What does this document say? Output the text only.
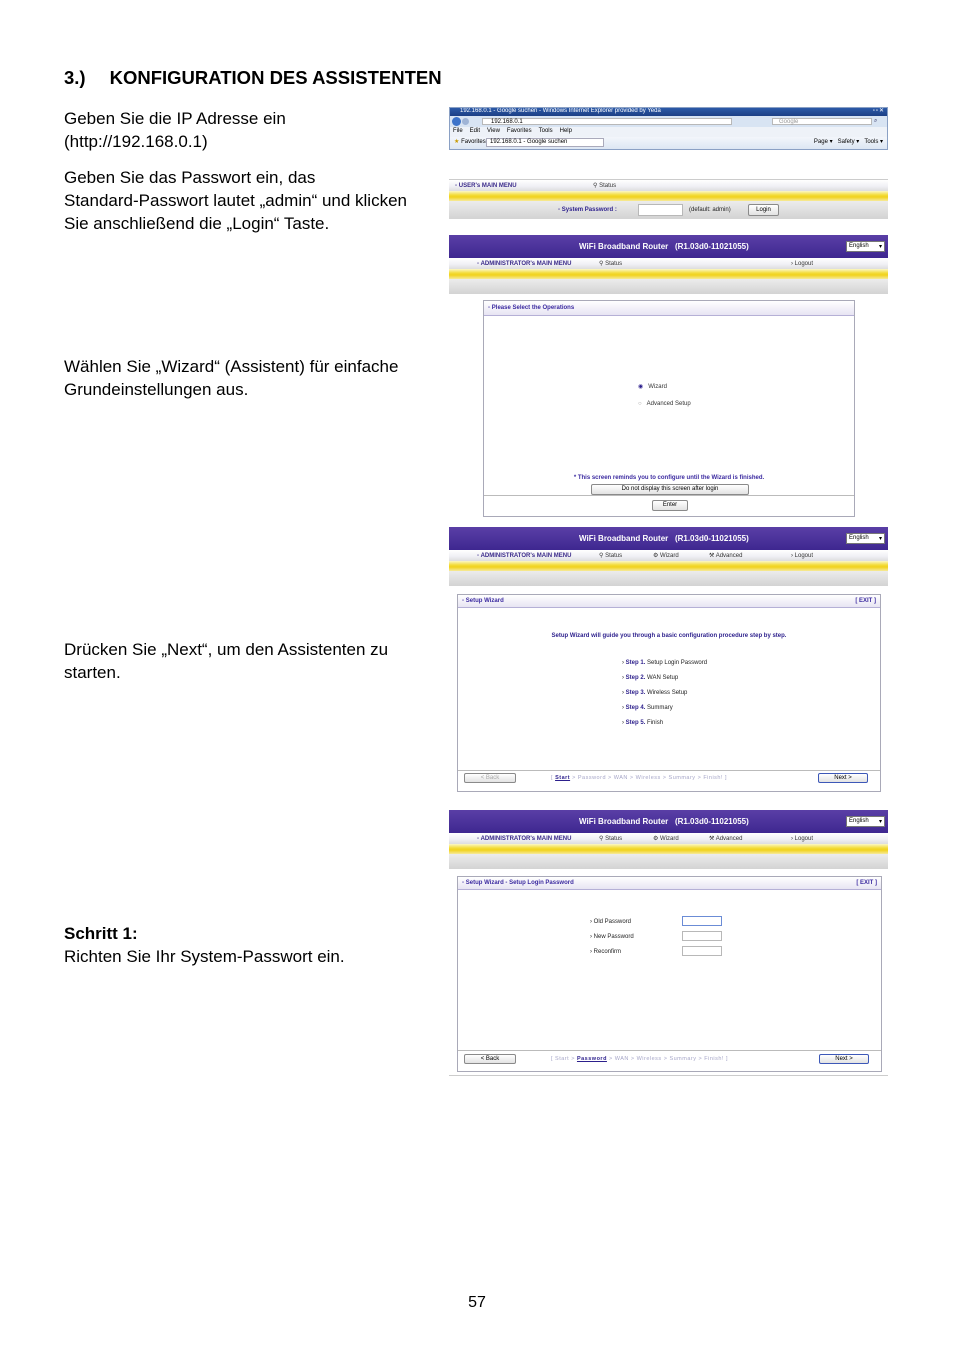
3.) KONFIGURATION DES ASSISTENTEN
Geben Sie die IP Adresse ein
(http://192.168.0.1)
Geben Sie das Passwort ein, das
Standard-Passwort lautet „admin“ und klicken
Sie anschließend die „Login“ Taste.
Wählen Sie „Wizard“ (Assistent) für einfache
Grundeinstellungen aus.
Drücken Sie „Next“, um den Assistenten zu
starten.
Schritt 1:
Richten Sie Ihr System-Passwort ein.
192.168.0.1 - Google suchen - Windows Internet Explorer provided by Yeda	▫▫✕
192.168.0.1	Google	⌕
File Edit View Favorites Tools Help
★ Favorites 192.168.0.1 - Google suchen	Page ▾ Safety ▾ Tools ▾
▫ USER's MAIN MENU	⚲ Status
▫ System Password :	(default: admin)	Login
WiFi Broadband Router (R1.03d0-11021055)	English ▾
▫ ADMINISTRATOR's MAIN MENU	⚲ Status	› Logout
▫ Please Select the Operations
◉ Wizard
○ Advanced Setup
* This screen reminds you to configure until the Wizard is finished.
Do not display this screen after login
Enter
WiFi Broadband Router (R1.03d0-11021055)	English ▾
▫ ADMINISTRATOR's MAIN MENU	⚲ Status	⚙ Wizard	⚒ Advanced	› Logout
▫ Setup Wizard	[ EXIT ]
Setup Wizard will guide you through a basic configuration procedure step by step.
› Step 1. Setup Login Password
› Step 2. WAN Setup
› Step 3. Wireless Setup
› Step 4. Summary
› Step 5. Finish
< Back	[ Start > Password > WAN > Wireless > Summary > Finish! ]	Next >
WiFi Broadband Router (R1.03d0-11021055)	English ▾
▫ ADMINISTRATOR's MAIN MENU	⚲ Status	⚙ Wizard	⚒ Advanced	› Logout
▫ Setup Wizard - Setup Login Password	[ EXIT ]
› Old Password
› New Password
› Reconfirm
< Back	[ Start > Password > WAN > Wireless > Summary > Finish! ]	Next >
57
